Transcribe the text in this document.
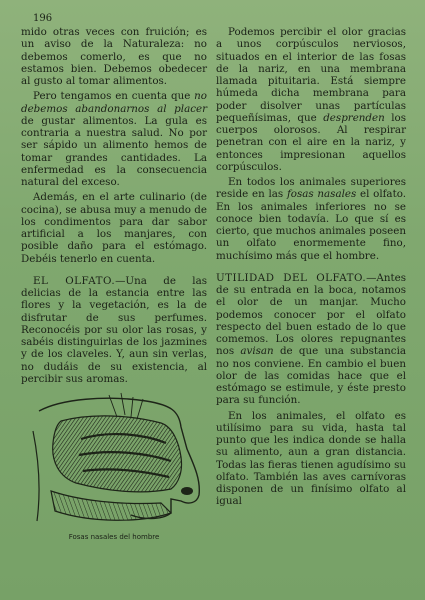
196

mido otras veces con fruición; es un aviso de la Naturaleza: no debemos comerlo, es que no estamos bien. Debemos obedecer al gusto al tomar alimentos.

Pero tengamos en cuenta que no debemos abandonarnos al placer de gustar alimentos. La gula es contraria a nuestra salud. No por ser sápido un alimento hemos de tomar grandes cantidades. La enfermedad es la consecuencia natural del exceso.

Además, en el arte culinario (de cocina), se abusa muy a menudo de los condimentos para dar sabor artificial a los manjares, con posible daño para el estómago. Debéis tenerlo en cuenta.

EL OLFATO.—Una de las delicias de la estancia entre las flores y la vegetación, es la de disfrutar de sus perfumes. Reconocéis por su olor las rosas, y sabéis distinguirlas de los jazmines y de los claveles. Y, aun sin verlas, no dudáis de su existencia, al percibir sus aromas.

Fosas nasales del hombre

Podemos percibir el olor gracias a unos corpúsculos nerviosos, situados en el interior de las fosas de la nariz, en una membrana llamada pituitaria. Está siempre húmeda dicha membrana para poder disolver unas partículas pequeñísimas, que desprenden los cuerpos olorosos. Al respirar penetran con el aire en la nariz, y entonces impresionan aquellos corpúsculos.

En todos los animales superiores reside en las fosas nasales el olfato. En los animales inferiores no se conoce bien todavía. Lo que sí es cierto, que muchos animales poseen un olfato enormemente fino, muchísimo más que el hombre.

UTILIDAD DEL OLFATO.—Antes de su entrada en la boca, notamos el olor de un manjar. Mucho podemos conocer por el olfato respecto del buen estado de lo que comemos. Los olores repugnantes nos avisan de que una substancia no nos conviene. En cambio el buen olor de las comidas hace que el estómago se estimule, y éste presto para su función.

En los animales, el olfato es utilísimo para su vida, hasta tal punto que les indica donde se halla su alimento, aun a gran distancia. Todas las fieras tienen agudísimo su olfato. También las aves carnívoras disponen de un finísimo olfato al igual
